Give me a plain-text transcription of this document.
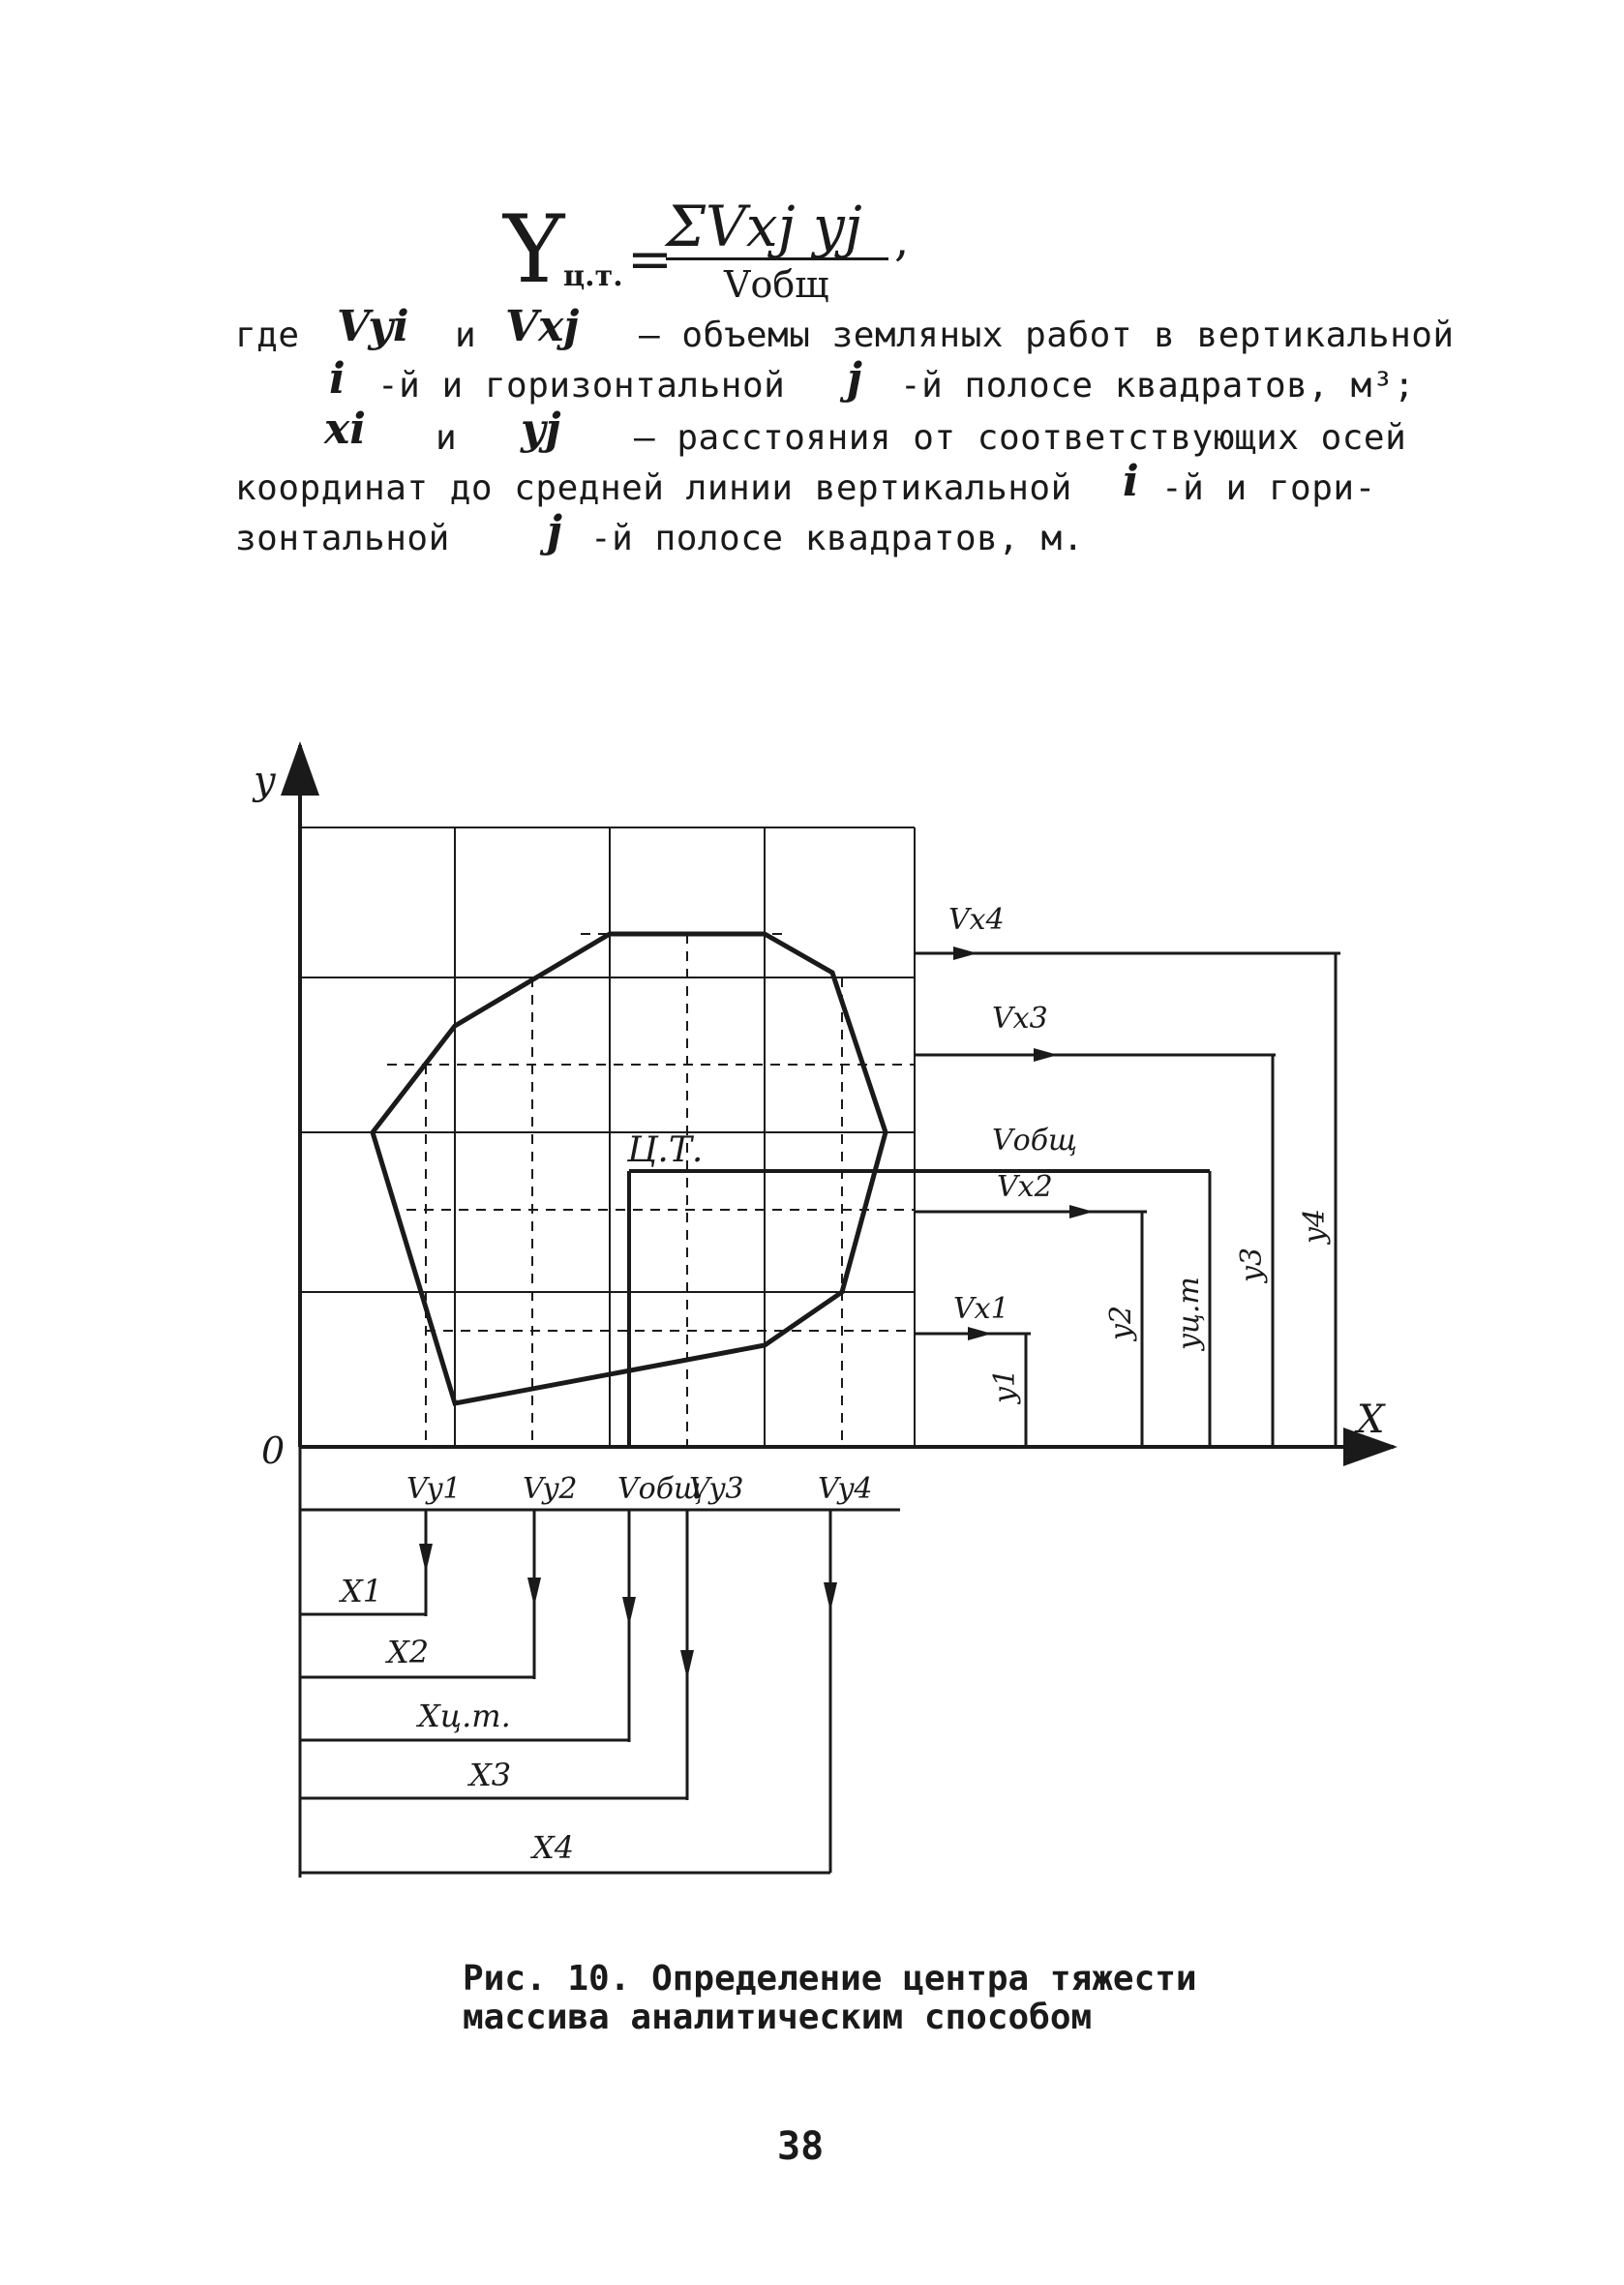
Y
ц.т. =
ΣVxj yj
Vобщ
,
где Vyi и Vxj – объемы земляных работ в вертикальной
i -й и горизонтальной j -й полосе квадратов, м³;
xi и yj – расстояния от соответствующих осей
координат до средней линии вертикальной i -й и гори-
зонтальной j -й полосе квадратов, м.
Ц.Т.
Vx4
Vx3
Vобщ
Vx2
Vx1
y1
y2 yц.т
y3
y4
y
X
0
Vy1 Vy2 Vобщ
Vy3	Vy4
X1
X2
Xц.т.
X3
X4
Рис. 10. Определение центра тяжести
массива аналитическим способом
38
